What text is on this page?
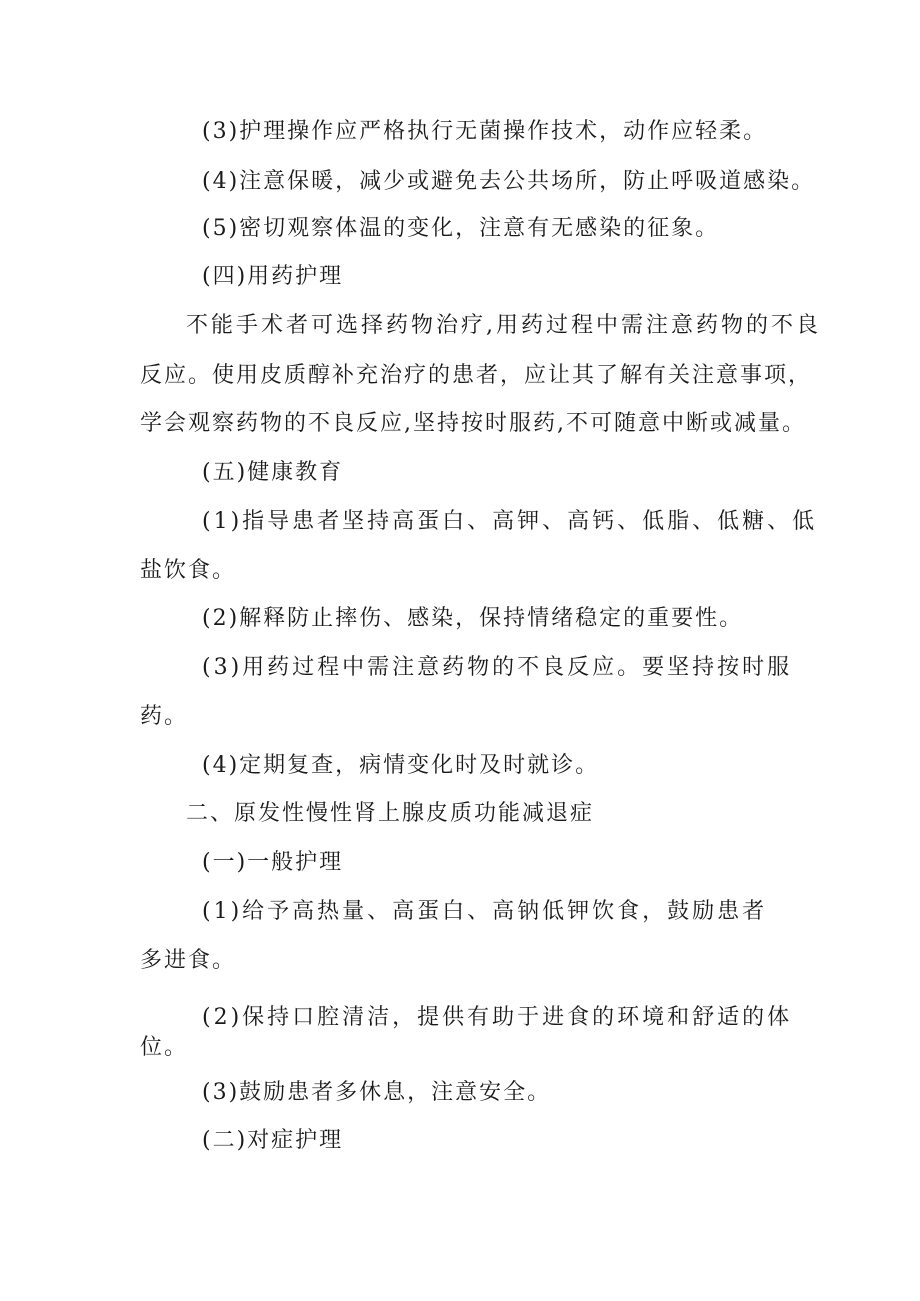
(3)护理操作应严格执行无菌操作技术，动作应轻柔。
(4)注意保暖，减少或避免去公共场所，防止呼吸道感染。
(5)密切观察体温的变化，注意有无感染的征象。
(四)用药护理
不能手术者可选择药物治疗,用药过程中需注意药物的不良
反应。使用皮质醇补充治疗的患者，应让其了解有关注意事项，
学会观察药物的不良反应,坚持按时服药,不可随意中断或减量。
(五)健康教育
(1)指导患者坚持高蛋白、高钾、高钙、低脂、低糖、低
盐饮食。
(2)解释防止摔伤、感染，保持情绪稳定的重要性。
(3)用药过程中需注意药物的不良反应。要坚持按时服
药。
(4)定期复查，病情变化时及时就诊。
二、原发性慢性肾上腺皮质功能减退症
(一)一般护理
(1)给予高热量、高蛋白、高钠低钾饮食，鼓励患者
多进食。
(2)保持口腔清洁，提供有助于进食的环境和舒适的体
位。
(3)鼓励患者多休息，注意安全。
(二)对症护理
